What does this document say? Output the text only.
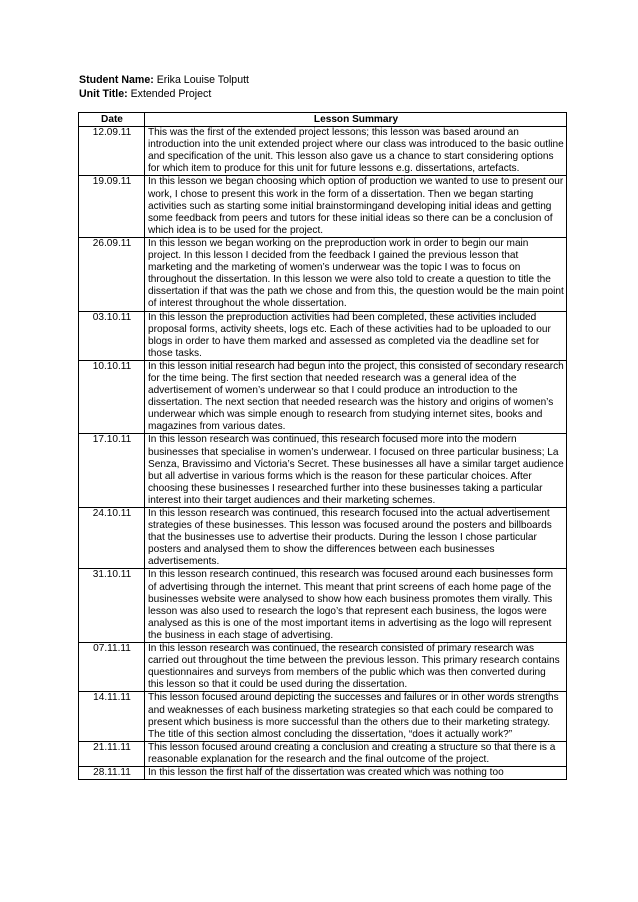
Student Name: Erika Louise Tolputt
Unit Title: Extended Project
Date	Lesson Summary
12.09.11	This was the first of the extended project lessons; this lesson was based around an introduction into the unit extended project where our class was introduced to the basic outline and specification of the unit. This lesson also gave us a chance to start considering options for which item to produce for this unit for future lessons e.g. dissertations, artefacts.
19.09.11	In this lesson we began choosing which option of production we wanted to use to present our work, I chose to present this work in the form of a dissertation. Then we began starting activities such as starting some initial brainstormingand developing initial ideas and getting some feedback from peers and tutors for these initial ideas so there can be a conclusion of which idea is to be used for the project.
26.09.11	In this lesson we began working on the preproduction work in order to begin our main project. In this lesson I decided from the feedback I gained the previous lesson that marketing and the marketing of women’s underwear was the topic I was to focus on throughout the dissertation. In this lesson we were also told to create a question to title the dissertation if that was the path we chose and from this, the question would be the main point of interest throughout the whole dissertation.
03.10.11	In this lesson the preproduction activities had been completed, these activities included proposal forms, activity sheets, logs etc. Each of these activities had to be uploaded to our blogs in order to have them marked and assessed as completed via the deadline set for those tasks.
10.10.11	In this lesson initial research had begun into the project, this consisted of secondary research for the time being. The first section that needed research was a general idea of the advertisement of women’s underwear so that I could produce an introduction to the dissertation. The next section that needed research was the history and origins of women’s underwear which was simple enough to research from studying internet sites, books and magazines from various dates.
17.10.11	In this lesson research was continued, this research focused more into the modern businesses that specialise in women’s underwear. I focused on three particular business; La Senza, Bravissimo and Victoria’s Secret. These businesses all have a similar target audience but all advertise in various forms which is the reason for these particular choices. After choosing these businesses I researched further into these businesses taking a particular interest into their target audiences and their marketing schemes.
24.10.11	In this lesson research was continued, this research focused into the actual advertisement strategies of these businesses. This lesson was focused around the posters and billboards that the businesses use to advertise their products. During the lesson I chose particular posters and analysed them to show the differences between each businesses advertisements.
31.10.11	In this lesson research continued, this research was focused around each businesses form of advertising through the internet. This meant that print screens of each home page of the businesses website were analysed to show how each business promotes them virally. This lesson was also used to research the logo’s that represent each business, the logos were analysed as this is one of the most important items in advertising as the logo will represent the business in each stage of advertising.
07.11.11	In this lesson research was continued, the research consisted of primary research was carried out throughout the time between the previous lesson. This primary research contains questionnaires and surveys from members of the public which was then converted during this lesson so that it could be used during the dissertation.
14.11.11	This lesson focused around depicting the successes and failures or in other words strengths and weaknesses of each business marketing strategies so that each could be compared to present which business is more successful than the others due to their marketing strategy. The title of this section almost concluding the dissertation, “does it actually work?”
21.11.11	This lesson focused around creating a conclusion and creating a structure so that there is a reasonable explanation for the research and the final outcome of the project.
28.11.11	In this lesson the first half of the dissertation was created which was nothing too
